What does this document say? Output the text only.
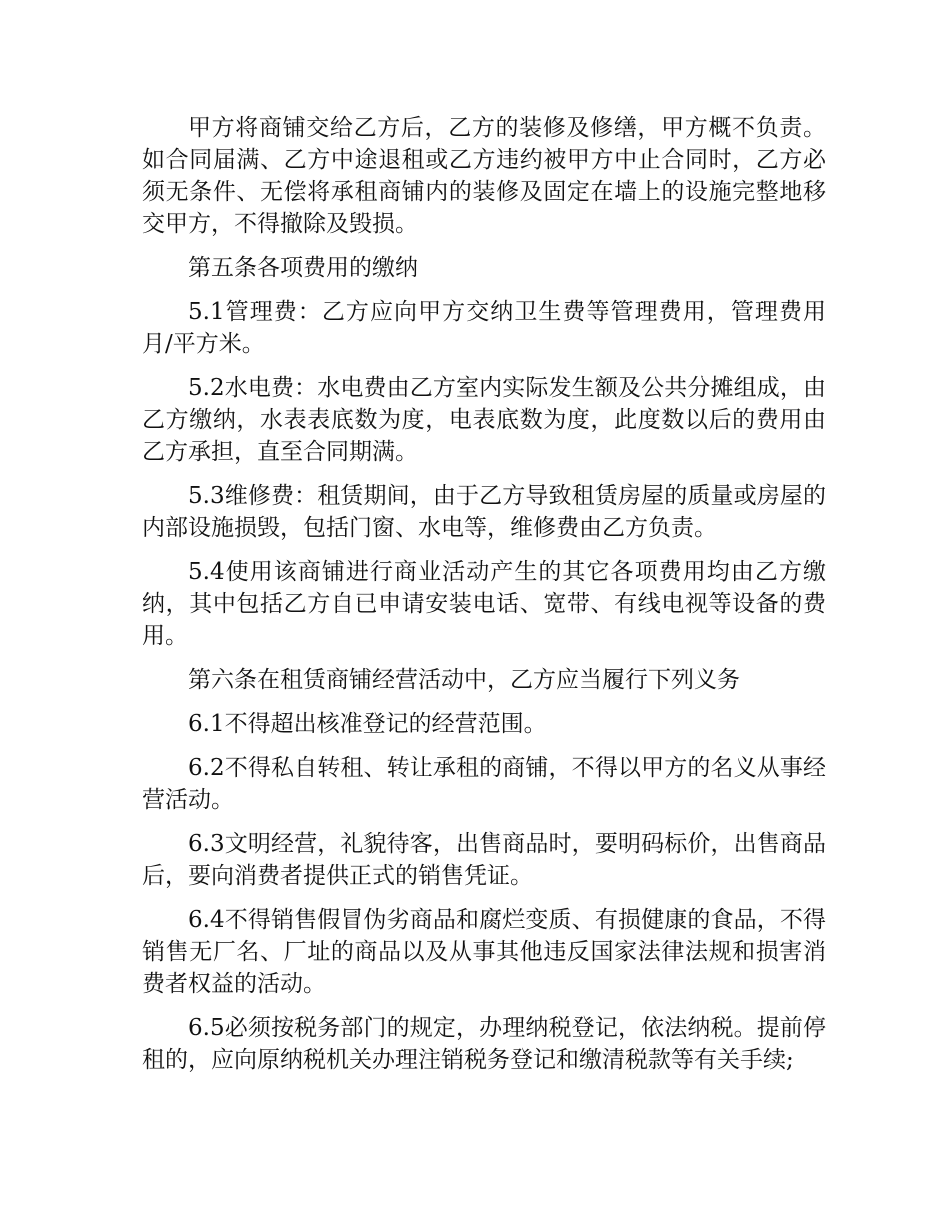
甲方将商铺交给乙方后，乙方的装修及修缮，甲方概不负责。如合同届满、乙方中途退租或乙方违约被甲方中止合同时，乙方必须无条件、无偿将承租商铺内的装修及固定在墙上的设施完整地移交甲方，不得撤除及毁损。

第五条各项费用的缴纳

5.1管理费：乙方应向甲方交纳卫生费等管理费用，管理费用月/平方米。

5.2水电费：水电费由乙方室内实际发生额及公共分摊组成，由乙方缴纳，水表表底数为度，电表底数为度，此度数以后的费用由乙方承担，直至合同期满。

5.3维修费：租赁期间，由于乙方导致租赁房屋的质量或房屋的内部设施损毁，包括门窗、水电等，维修费由乙方负责。

5.4使用该商铺进行商业活动产生的其它各项费用均由乙方缴纳，其中包括乙方自已申请安装电话、宽带、有线电视等设备的费用。

第六条在租赁商铺经营活动中，乙方应当履行下列义务

6.1不得超出核准登记的经营范围。

6.2不得私自转租、转让承租的商铺，不得以甲方的名义从事经营活动。

6.3文明经营，礼貌待客，出售商品时，要明码标价，出售商品后，要向消费者提供正式的销售凭证。

6.4不得销售假冒伪劣商品和腐烂变质、有损健康的食品，不得销售无厂名、厂址的商品以及从事其他违反国家法律法规和损害消费者权益的活动。

6.5必须按税务部门的规定，办理纳税登记，依法纳税。提前停租的，应向原纳税机关办理注销税务登记和缴清税款等有关手续;
